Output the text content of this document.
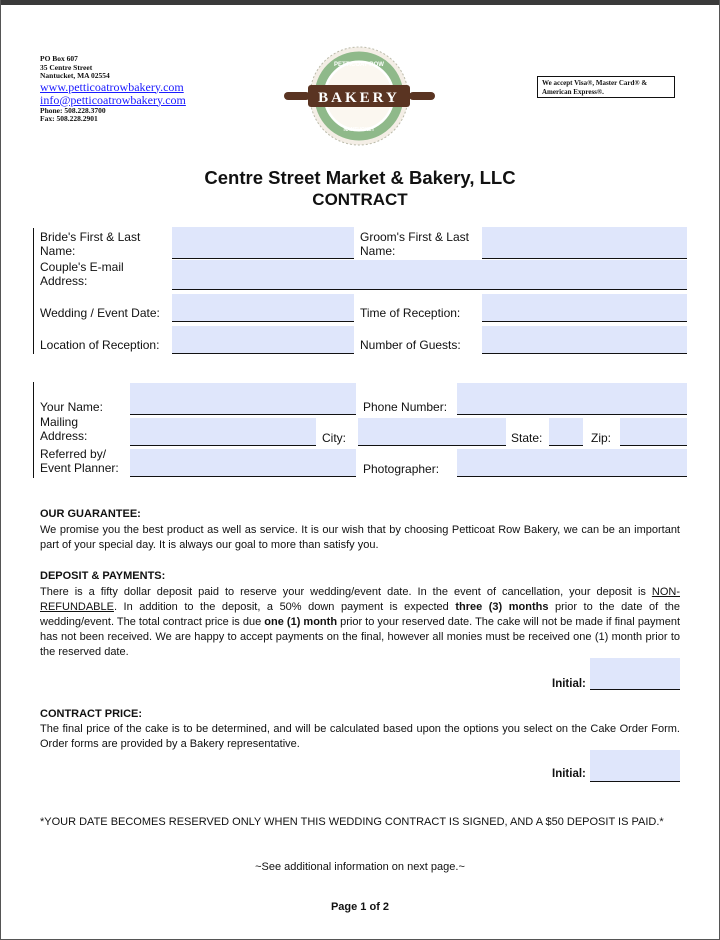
PO Box 607
35 Centre Street
Nantucket, MA 02554
www.petticoatrowbakery.com
info@petticoatrowbakery.com
Phone: 508.228.3700
Fax: 508.228.2901
BAKERY
PETTICOAT ROW
NANTUCKET
We accept Visa®, Master Card® & American Express®.
Centre Street Market & Bakery, LLC
CONTRACT
Bride's First & Last Name:
Groom's First & Last Name:
Couple's E-mail Address:
Wedding / Event Date:	Time of Reception:
Location of Reception:	Number of Guests:
Your Name:	Phone Number:
Mailing Address:	City:	State:	Zip:
Referred by/ Event Planner:	Photographer:
OUR GUARANTEE:
We promise you the best product as well as service. It is our wish that by choosing Petticoat Row Bakery, we can be an important part of your special day. It is always our goal to more than satisfy you.
DEPOSIT & PAYMENTS:
There is a fifty dollar deposit paid to reserve your wedding/event date. In the event of cancellation, your deposit is NON-REFUNDABLE. In addition to the deposit, a 50% down payment is expected three (3) months prior to the date of the wedding/event. The total contract price is due one (1) month prior to your reserved date. The cake will not be made if final payment has not been received. We are happy to accept payments on the final, however all monies must be received one (1) month prior to the reserved date.
Initial:
CONTRACT PRICE:
The final price of the cake is to be determined, and will be calculated based upon the options you select on the Cake Order Form. Order forms are provided by a Bakery representative.
Initial:
*YOUR DATE BECOMES RESERVED ONLY WHEN THIS WEDDING CONTRACT IS SIGNED, AND A $50 DEPOSIT IS PAID.*
~See additional information on next page.~
Page 1 of 2
